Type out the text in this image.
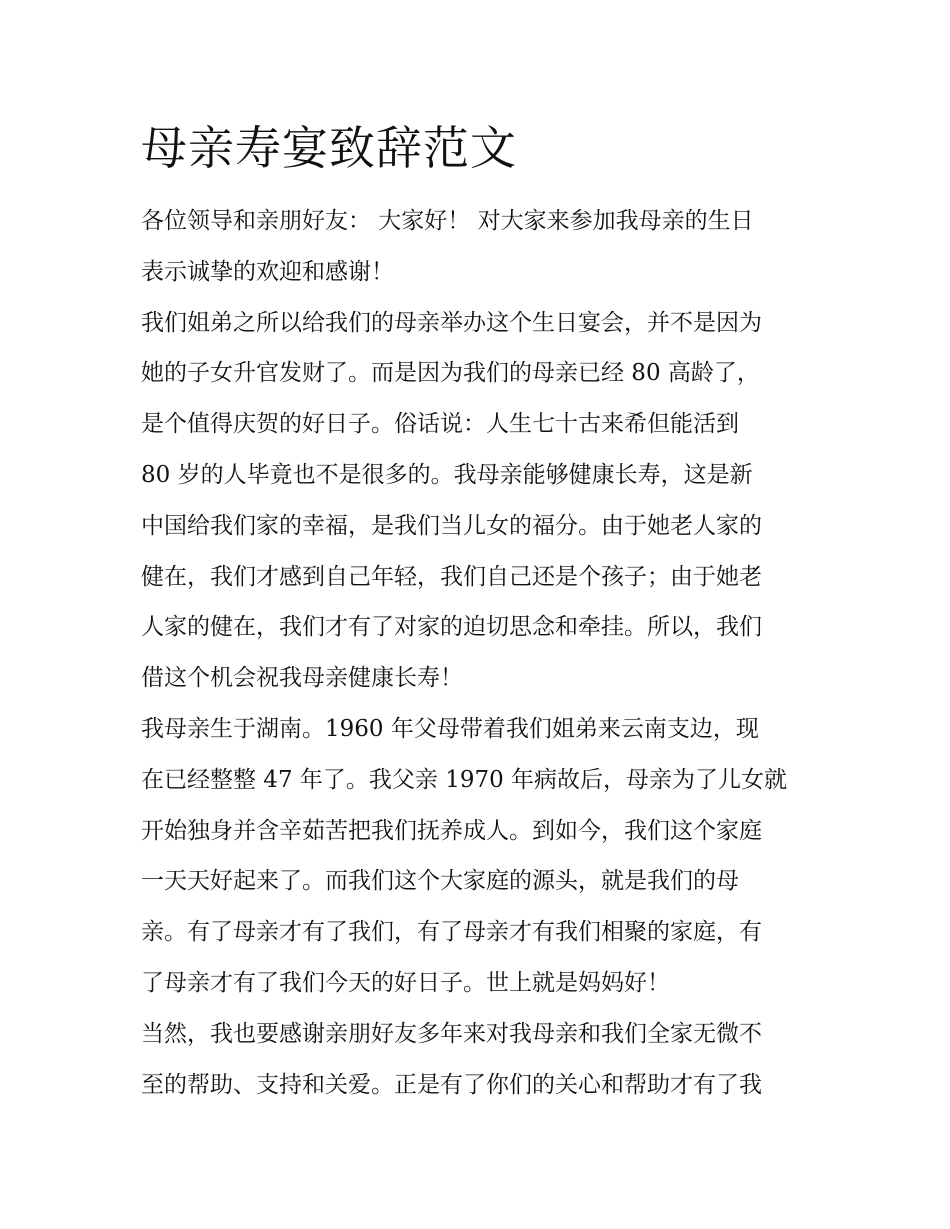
母亲寿宴致辞范文
各位领导和亲朋好友： 大家好！ 对大家来参加我母亲的生日
表示诚挚的欢迎和感谢！
我们姐弟之所以给我们的母亲举办这个生日宴会，并不是因为
她的子女升官发财了。而是因为我们的母亲已经 80 高龄了，
是个值得庆贺的好日子。俗话说：人生七十古来希但能活到
80 岁的人毕竟也不是很多的。我母亲能够健康长寿，这是新
中国给我们家的幸福，是我们当儿女的福分。由于她老人家的
健在，我们才感到自己年轻，我们自己还是个孩子；由于她老
人家的健在，我们才有了对家的迫切思念和牵挂。所以，我们
借这个机会祝我母亲健康长寿！
我母亲生于湖南。1960 年父母带着我们姐弟来云南支边，现
在已经整整 47 年了。我父亲 1970 年病故后，母亲为了儿女就
开始独身并含辛茹苦把我们抚养成人。到如今，我们这个家庭
一天天好起来了。而我们这个大家庭的源头，就是我们的母
亲。有了母亲才有了我们，有了母亲才有我们相聚的家庭，有
了母亲才有了我们今天的好日子。世上就是妈妈好！
当然，我也要感谢亲朋好友多年来对我母亲和我们全家无微不
至的帮助、支持和关爱。正是有了你们的关心和帮助才有了我
